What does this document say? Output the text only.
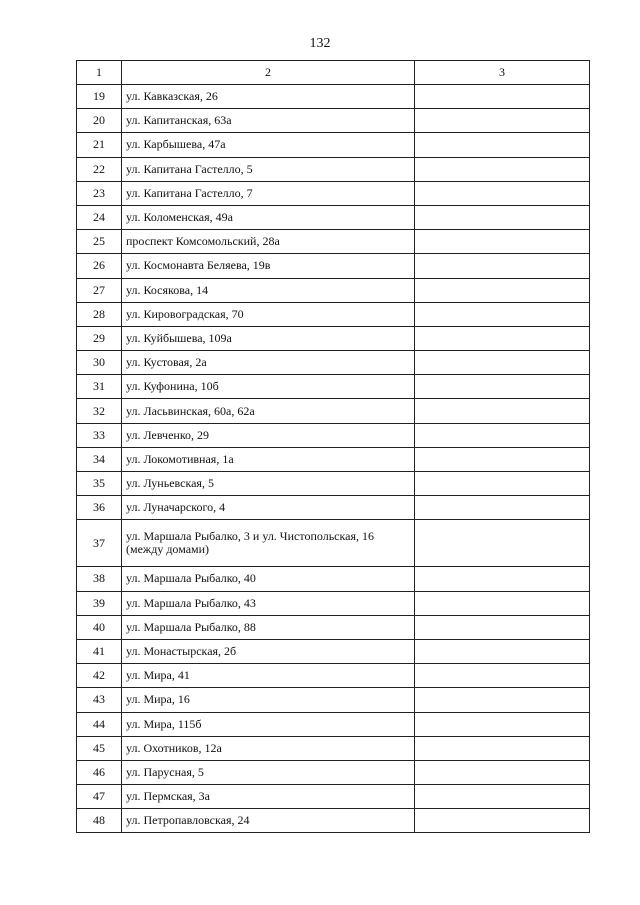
132
1	2	3
19	ул. Кавказская, 26	
20	ул. Капитанская, 63а	
21	ул. Карбышева, 47а	
22	ул. Капитана Гастелло, 5	
23	ул. Капитана Гастелло, 7	
24	ул. Коломенская, 49а	
25	проспект Комсомольский, 28а	
26	ул. Космонавта Беляева, 19в	
27	ул. Косякова, 14	
28	ул. Кировоградская, 70	
29	ул. Куйбышева, 109а	
30	ул. Кустовая, 2а	
31	ул. Куфонина, 10б	
32	ул. Ласьвинская, 60а, 62а	
33	ул. Левченко, 29	
34	ул. Локомотивная, 1а	
35	ул. Луньевская, 5	
36	ул. Луначарского, 4	
37	ул. Маршала Рыбалко, 3 и ул. Чистопольская, 16 (между домами)	
38	ул. Маршала Рыбалко, 40	
39	ул. Маршала Рыбалко, 43	
40	ул. Маршала Рыбалко, 88	
41	ул. Монастырская, 2б	
42	ул. Мира, 41	
43	ул. Мира, 16	
44	ул. Мира, 115б	
45	ул. Охотников, 12а	
46	ул. Парусная, 5	
47	ул. Пермская, 3а	
48	ул. Петропавловская, 24	
